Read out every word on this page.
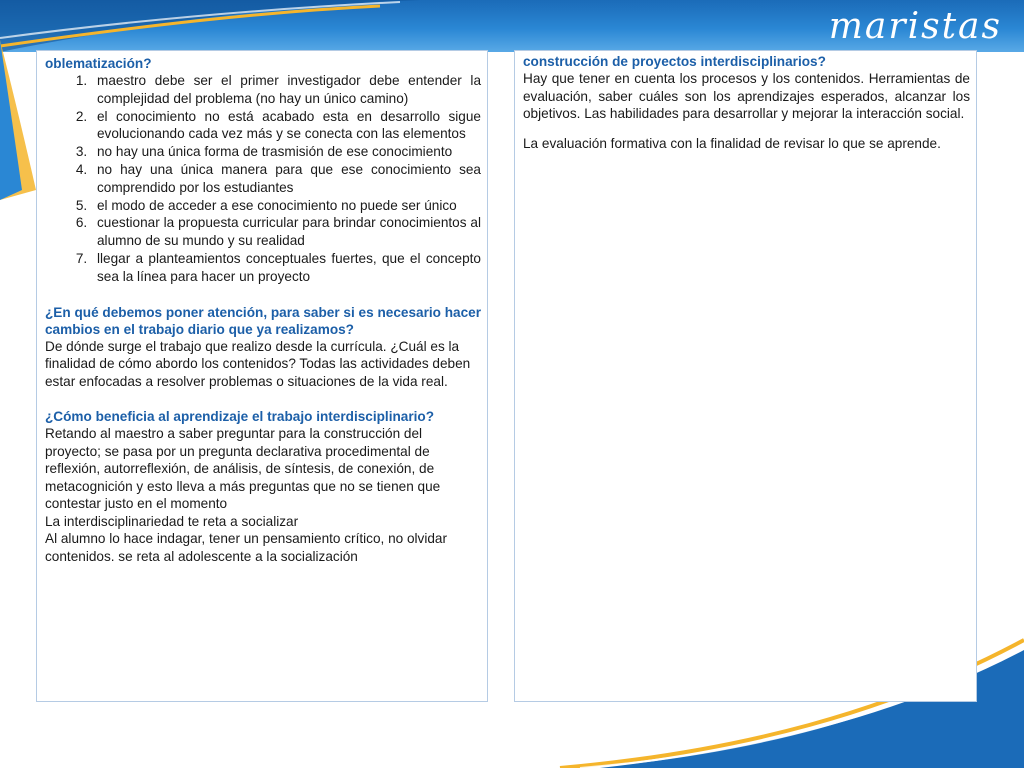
maristas

oblematización?

1. maestro debe ser el primer investigador debe entender la complejidad del problema (no hay un único camino)
2. el conocimiento no está acabado esta en desarrollo sigue evolucionando cada vez más y se conecta con las elementos
3. no hay una única forma de trasmisión de ese conocimiento
4. no hay una única manera para que ese conocimiento sea comprendido por los estudiantes
5. el modo de acceder a ese conocimiento no puede ser único
6. cuestionar la propuesta curricular para brindar conocimientos al alumno de su mundo y su realidad
7. llegar a planteamientos conceptuales fuertes, que el concepto sea la línea para hacer un proyecto

¿En qué debemos poner atención, para saber si es necesario hacer cambios en el trabajo diario que ya realizamos?

De dónde surge el trabajo que realizo desde la currícula. ¿Cuál es la finalidad de cómo abordo los contenidos? Todas las actividades deben estar enfocadas a resolver problemas o situaciones de la vida real.

¿Cómo beneficia al aprendizaje el trabajo interdisciplinario?

Retando al maestro a saber preguntar para la construcción del proyecto; se pasa por un pregunta declarativa procedimental de reflexión, autorreflexión, de análisis, de síntesis, de conexión, de metacognición y esto lleva a más preguntas que no se tienen que contestar justo en el momento

La interdisciplinariedad te reta a socializar

Al alumno lo hace indagar, tener un pensamiento crítico, no olvidar contenidos. se reta al adolescente a la socialización

construcción de proyectos interdisciplinarios?

Hay que tener en cuenta los procesos y los contenidos. Herramientas de evaluación, saber cuáles son los aprendizajes esperados, alcanzar los objetivos. Las habilidades para desarrollar y mejorar la interacción social.

La evaluación formativa con la finalidad de revisar lo que se aprende.
